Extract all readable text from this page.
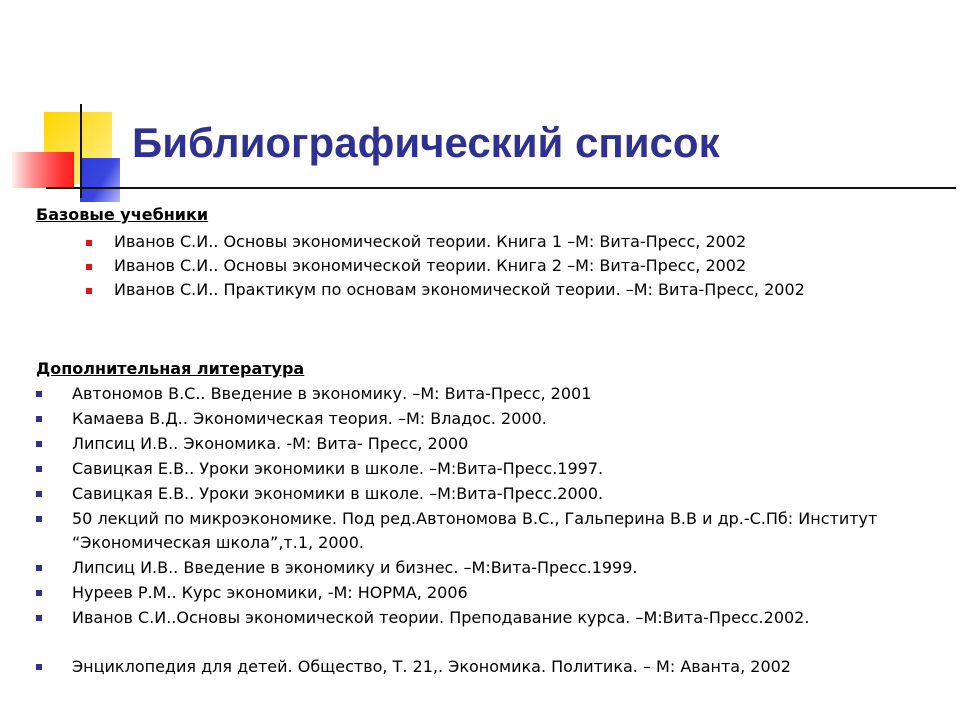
Библиографический список
Базовые учебники
Иванов С.И.. Основы экономической теории. Книга 1 –М: Вита-Пресс, 2002
Иванов С.И.. Основы экономической теории. Книга 2 –М: Вита-Пресс, 2002
Иванов С.И.. Практикум по основам экономической теории. –М: Вита-Пресс, 2002
Дополнительная литература
Автономов В.С.. Введение в экономику. –М: Вита-Пресс, 2001
Камаева В.Д.. Экономическая теория. –М: Владос. 2000.
Липсиц И.В.. Экономика. -М: Вита- Пресс, 2000
Савицкая Е.В.. Уроки экономики в школе. –М:Вита-Пресс.1997.
Савицкая Е.В.. Уроки экономики в школе. –М:Вита-Пресс.2000.
50 лекций по микроэкономике. Под ред.Автономова В.С., Гальперина В.В и др.-С.Пб: Институт “Экономическая школа”,т.1, 2000.
Липсиц И.В.. Введение в экономику и бизнес. –М:Вита-Пресс.1999.
Нуреев Р.М.. Курс экономики, -М: НОРМА, 2006
Иванов С.И..Основы экономической теории. Преподавание курса. –М:Вита-Пресс.2002.
Энциклопедия для детей. Общество, Т. 21,. Экономика. Политика. – М: Аванта, 2002
